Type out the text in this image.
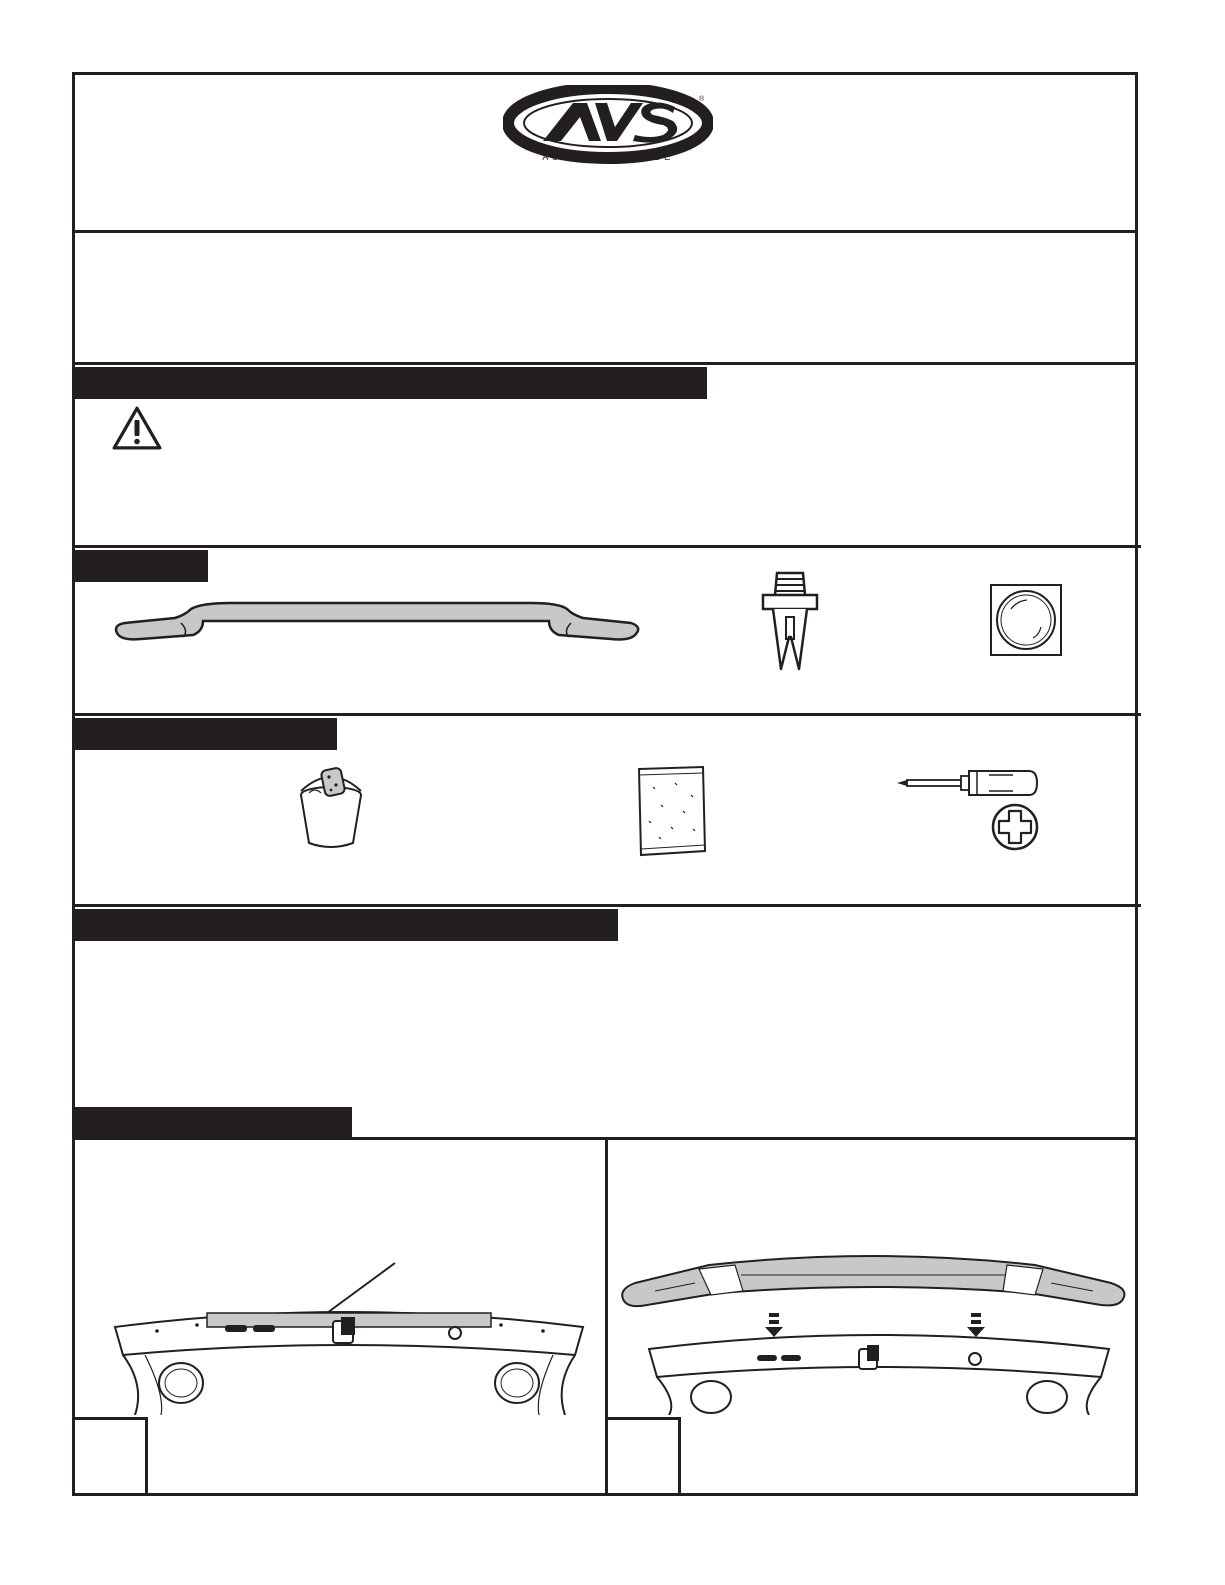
®
AUTO VENTSHADE
